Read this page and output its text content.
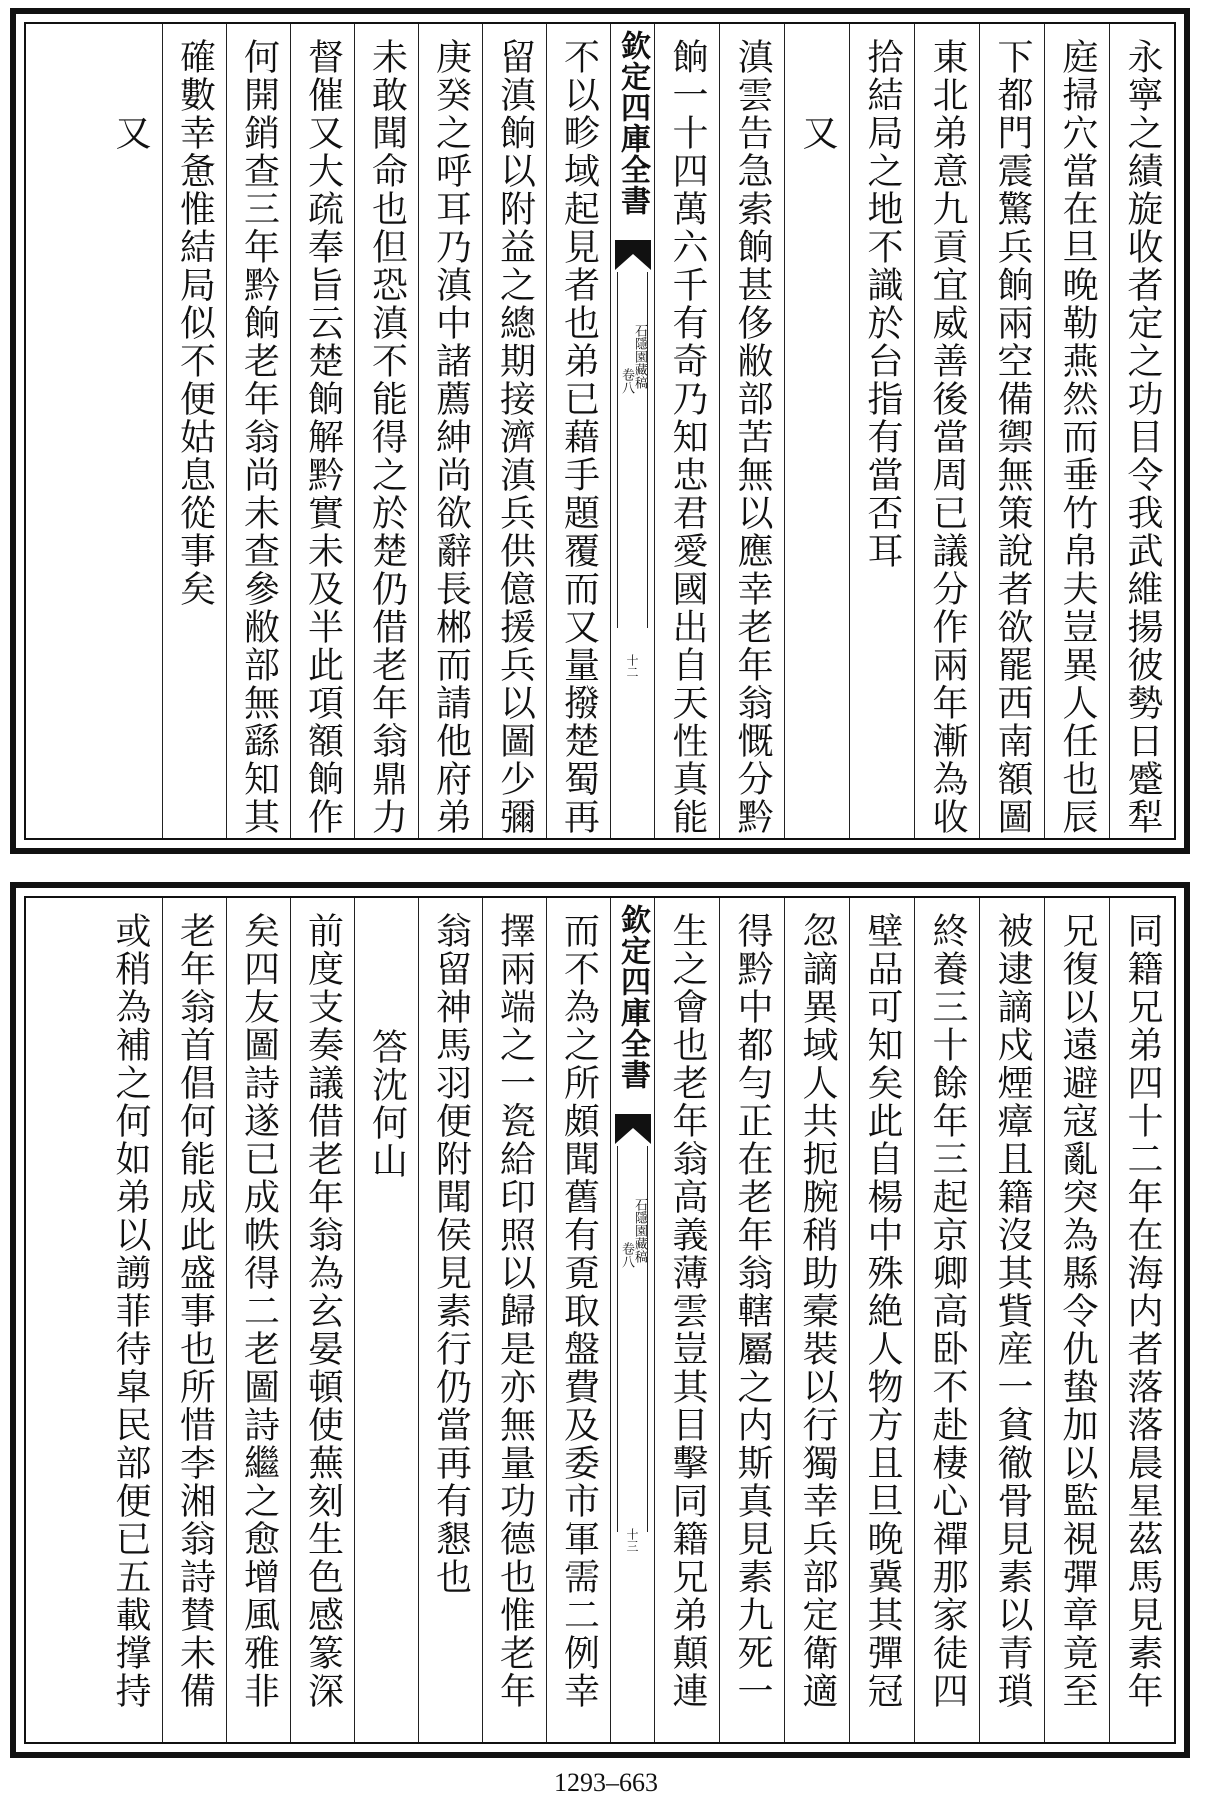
永寧之績旋收者定之功目令我武維揚彼勢日蹙犁
庭掃穴當在旦晚勒燕然而垂竹帛夫豈異人任也辰
下都門震驚兵餉兩空備禦無策說者欲罷西南額圖
東北弟意九貢宜威善後當周已議分作兩年漸為收
拾結局之地不識於台指有當否耳
又
滇雲告急索餉甚侈敝部苦無以應幸老年翁慨分黔
餉一十四萬六千有奇乃知忠君愛國出自天性真能
欽定四庫全書
石隱園藏稿
卷八
十二
不以畛域起見者也弟已藉手題覆而又量撥楚蜀再
留滇餉以附益之總期接濟滇兵供億援兵以圖少彌
庚癸之呼耳乃滇中諸薦紳尚欲辭長郴而請他府弟
未敢聞命也但恐滇不能得之於楚仍借老年翁鼎力
督催又大疏奉旨云楚餉解黔實未及半此項額餉作
何開銷查三年黔餉老年翁尚未查參敝部無繇知其
確數幸惫惟結局似不便姑息從事矣
又
同籍兄弟四十二年在海内者落落晨星茲馬見素年
兄復以遠避寇亂突為縣令仇蛰加以監視彈章竟至
被逮謫戍煙瘴且籍沒其貲産一貧徹骨見素以青瑣
終養三十餘年三起京卿高卧不赴棲心禪那家徒四
壁品可知矣此自楊中殊絶人物方且旦晚冀其彈冠
忽謫異域人共扼腕稍助槖裝以行獨幸兵部定衛適
得黔中都勻正在老年翁轄屬之内斯真見素九死一
生之會也老年翁高義薄雲豈其目擊同籍兄弟顛連
欽定四庫全書
石隱園藏稿
卷八
十三
而不為之所頗聞舊有覔取盤費及委市軍需二例幸
擇兩端之一瓷給印照以歸是亦無量功德也惟老年
翁留神馬羽便附聞侯見素行仍當再有懇也
答沈何山
前度支奏議借老年翁為玄晏頓使蕪刻生色感篆深
矣四友圖詩遂已成帙得二老圖詩繼之愈增風雅非
老年翁首倡何能成此盛事也所惜李湘翁詩賛未備
或稍為補之何如弟以謭菲待皐民部便已五載撑持
1293–663
